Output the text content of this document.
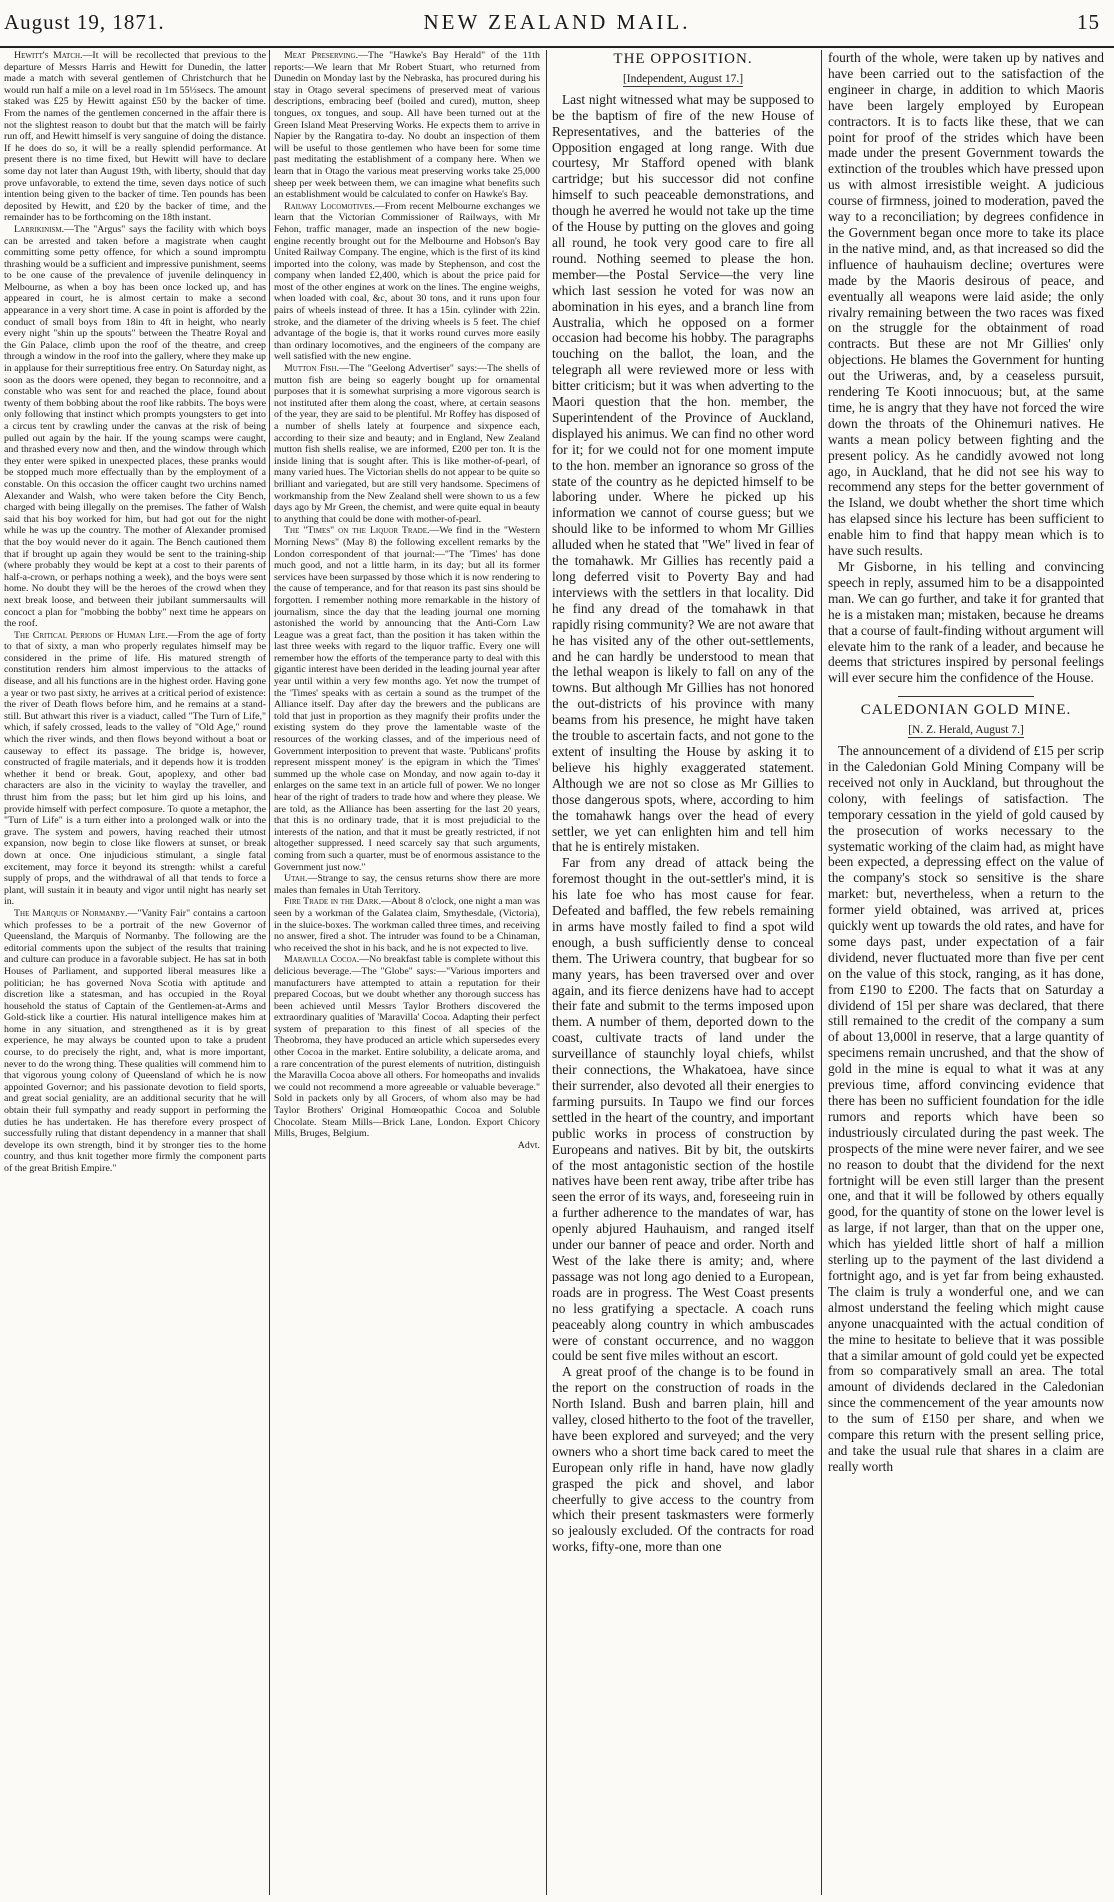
August 19, 1871.	NEW ZEALAND MAIL.	15

Hewitt's Match.—It will be recollected that previous to the departure of Messrs Harris and Hewitt for Dunedin, the latter made a match with several gentlemen of Christchurch that he would run half a mile on a level road in 1m 55⅓secs. The amount staked was £25 by Hewitt against £50 by the backer of time. From the names of the gentlemen concerned in the affair there is not the slightest reason to doubt but that the match will be fairly run off, and Hewitt himself is very sanguine of doing the distance. If he does do so, it will be a really splendid performance. At present there is no time fixed, but Hewitt will have to declare some day not later than August 19th, with liberty, should that day prove unfavorable, to extend the time, seven days notice of such intention being given to the backer of time. Ten pounds has been deposited by Hewitt, and £20 by the backer of time, and the remainder has to be forthcoming on the 18th instant.

Larrikinism.—The "Argus" says the facility with which boys can be arrested and taken before a magistrate when caught committing some petty offence, for which a sound impromptu thrashing would be a sufficient and impressive punishment, seems to be one cause of the prevalence of juvenile delinquency in Melbourne, as when a boy has been once locked up, and has appeared in court, he is almost certain to make a second appearance in a very short time. A case in point is afforded by the conduct of small boys from 18in to 4ft in height, who nearly every night "shin up the spouts" between the Theatre Royal and the Gin Palace, climb upon the roof of the theatre, and creep through a window in the roof into the gallery, where they make up in applause for their surreptitious free entry. On Saturday night, as soon as the doors were opened, they began to reconnoitre, and a constable who was sent for and reached the place, found about twenty of them bobbing about the roof like rabbits. The boys were only following that instinct which prompts youngsters to get into a circus tent by crawling under the canvas at the risk of being pulled out again by the hair. If the young scamps were caught, and thrashed every now and then, and the window through which they enter were spiked in unexpected places, these pranks would be stopped much more effectually than by the employment of a constable. On this occasion the officer caught two urchins named Alexander and Walsh, who were taken before the City Bench, charged with being illegally on the premises. The father of Walsh said that his boy worked for him, but had got out for the night while he was up the country. The mother of Alexander promised that the boy would never do it again. The Bench cautioned them that if brought up again they would be sent to the training-ship (where probably they would be kept at a cost to their parents of half-a-crown, or perhaps nothing a week), and the boys were sent home. No doubt they will be the heroes of the crowd when they next break loose, and between their jubilant summersaults will concoct a plan for "mobbing the bobby" next time he appears on the roof.

The Critical Periods of Human Life.—From the age of forty to that of sixty, a man who properly regulates himself may be considered in the prime of life. His matured strength of constitution renders him almost impervious to the attacks of disease, and all his functions are in the highest order. Having gone a year or two past sixty, he arrives at a critical period of existence: the river of Death flows before him, and he remains at a stand-still. But athwart this river is a viaduct, called "The Turn of Life," which, if safely crossed, leads to the valley of "Old Age," round which the river winds, and then flows beyond without a boat or causeway to effect its passage. The bridge is, however, constructed of fragile materials, and it depends how it is trodden whether it bend or break. Gout, apoplexy, and other bad characters are also in the vicinity to waylay the traveller, and thrust him from the pass; but let him gird up his loins, and provide himself with perfect composure. To quote a metaphor, the "Turn of Life" is a turn either into a prolonged walk or into the grave. The system and powers, having reached their utmost expansion, now begin to close like flowers at sunset, or break down at once. One injudicious stimulant, a single fatal excitement, may force it beyond its strength: whilst a careful supply of props, and the withdrawal of all that tends to force a plant, will sustain it in beauty and vigor until night has nearly set in.

The Marquis of Normanby.—"Vanity Fair" contains a cartoon which professes to be a portrait of the new Governor of Queensland, the Marquis of Normanby. The following are the editorial comments upon the subject of the results that training and culture can produce in a favorable subject. He has sat in both Houses of Parliament, and supported liberal measures like a politician; he has governed Nova Scotia with aptitude and discretion like a statesman, and has occupied in the Royal household the status of Captain of the Gentlemen-at-Arms and Gold-stick like a courtier. His natural intelligence makes him at home in any situation, and strengthened as it is by great experience, he may always be counted upon to take a prudent course, to do precisely the right, and, what is more important, never to do the wrong thing. These qualities will commend him to that vigorous young colony of Queensland of which he is now appointed Governor; and his passionate devotion to field sports, and great social geniality, are an additional security that he will obtain their full sympathy and ready support in performing the duties he has undertaken. He has therefore every prospect of successfully ruling that distant dependency in a manner that shall develope its own strength, bind it by stronger ties to the home country, and thus knit together more firmly the component parts of the great British Empire."

Meat Preserving.—The "Hawke's Bay Herald" of the 11th reports:—We learn that Mr Robert Stuart, who returned from Dunedin on Monday last by the Nebraska, has procured during his stay in Otago several specimens of preserved meat of various descriptions, embracing beef (boiled and cured), mutton, sheep tongues, ox tongues, and soup. All have been turned out at the Green Island Meat Preserving Works. He expects them to arrive in Napier by the Rangatira to-day. No doubt an inspection of them will be useful to those gentlemen who have been for some time past meditating the establishment of a company here. When we learn that in Otago the various meat preserving works take 25,000 sheep per week between them, we can imagine what benefits such an establishment would be calculated to confer on Hawke's Bay.

Railway Locomotives.—From recent Melbourne exchanges we learn that the Victorian Commissioner of Railways, with Mr Fehon, traffic manager, made an inspection of the new bogie-engine recently brought out for the Melbourne and Hobson's Bay United Railway Company. The engine, which is the first of its kind imported into the colony, was made by Stephenson, and cost the company when landed £2,400, which is about the price paid for most of the other engines at work on the lines. The engine weighs, when loaded with coal, &c, about 30 tons, and it runs upon four pairs of wheels instead of three. It has a 15in. cylinder with 22in. stroke, and the diameter of the driving wheels is 5 feet. The chief advantage of the bogie is, that it works round curves more easily than ordinary locomotives, and the engineers of the company are well satisfied with the new engine.

Mutton Fish.—The "Geelong Advertiser" says:—The shells of mutton fish are being so eagerly bought up for ornamental purposes that it is somewhat surprising a more vigorous search is not instituted after them along the coast, where, at certain seasons of the year, they are said to be plentiful. Mr Roffey has disposed of a number of shells lately at fourpence and sixpence each, according to their size and beauty; and in England, New Zealand mutton fish shells realise, we are informed, £200 per ton. It is the inside lining that is sought after. This is like mother-of-pearl, of many varied hues. The Victorian shells do not appear to be quite so brilliant and variegated, but are still very handsome. Specimens of workmanship from the New Zealand shell were shown to us a few days ago by Mr Green, the chemist, and were quite equal in beauty to anything that could be done with mother-of-pearl.

The "Times" on the Liquor Trade.—We find in the "Western Morning News" (May 8) the following excellent remarks by the London correspondent of that journal:—"The 'Times' has done much good, and not a little harm, in its day; but all its former services have been surpassed by those which it is now rendering to the cause of temperance, and for that reason its past sins should be forgotten. I remember nothing more remarkable in the history of journalism, since the day that the leading journal one morning astonished the world by announcing that the Anti-Corn Law League was a great fact, than the position it has taken within the last three weeks with regard to the liquor traffic. Every one will remember how the efforts of the temperance party to deal with this gigantic interest have been derided in the leading journal year after year until within a very few months ago. Yet now the trumpet of the 'Times' speaks with as certain a sound as the trumpet of the Alliance itself. Day after day the brewers and the publicans are told that just in proportion as they magnify their profits under the existing system do they prove the lamentable waste of the resources of the working classes, and of the imperious need of Government interposition to prevent that waste. 'Publicans' profits represent misspent money' is the epigram in which the 'Times' summed up the whole case on Monday, and now again to-day it enlarges on the same text in an article full of power. We no longer hear of the right of traders to trade how and where they please. We are told, as the Alliance has been asserting for the last 20 years, that this is no ordinary trade, that it is most prejudicial to the interests of the nation, and that it must be greatly restricted, if not altogether suppressed. I need scarcely say that such arguments, coming from such a quarter, must be of enormous assistance to the Government just now."

Utah.—Strange to say, the census returns show there are more males than females in Utah Territory.

Fire Trade in the Dark.—About 8 o'clock, one night a man was seen by a workman of the Galatea claim, Smythesdale, (Victoria), in the sluice-boxes. The workman called three times, and receiving no answer, fired a shot. The intruder was found to be a Chinaman, who received the shot in his back, and he is not expected to live.

Maravilla Cocoa.—No breakfast table is complete without this delicious beverage.—The "Globe" says:—"Various importers and manufacturers have attempted to attain a reputation for their prepared Cocoas, but we doubt whether any thorough success has been achieved until Messrs Taylor Brothers discovered the extraordinary qualities of 'Maravilla' Cocoa. Adapting their perfect system of preparation to this finest of all species of the Theobroma, they have produced an article which supersedes every other Cocoa in the market. Entire solubility, a delicate aroma, and a rare concentration of the purest elements of nutrition, distinguish the Maravilla Cocoa above all others. For homeopaths and invalids we could not recommend a more agreeable or valuable beverage." Sold in packets only by all Grocers, of whom also may be had Taylor Brothers' Original Homœopathic Cocoa and Soluble Chocolate. Steam Mills—Brick Lane, London. Export Chicory Mills, Bruges, Belgium.

Advt.

THE OPPOSITION.
[Independent, August 17.]

Last night witnessed what may be supposed to be the baptism of fire of the new House of Representatives, and the batteries of the Opposition engaged at long range. With due courtesy, Mr Stafford opened with blank cartridge; but his successor did not confine himself to such peaceable demonstrations, and though he averred he would not take up the time of the House by putting on the gloves and going all round, he took very good care to fire all round. Nothing seemed to please the hon. member—the Postal Service—the very line which last session he voted for was now an abomination in his eyes, and a branch line from Australia, which he opposed on a former occasion had become his hobby. The paragraphs touching on the ballot, the loan, and the telegraph all were reviewed more or less with bitter criticism; but it was when adverting to the Maori question that the hon. member, the Superintendent of the Province of Auckland, displayed his animus. We can find no other word for it; for we could not for one moment impute to the hon. member an ignorance so gross of the state of the country as he depicted himself to be laboring under. Where he picked up his information we cannot of course guess; but we should like to be informed to whom Mr Gillies alluded when he stated that "We" lived in fear of the tomahawk. Mr Gillies has recently paid a long deferred visit to Poverty Bay and had interviews with the settlers in that locality. Did he find any dread of the tomahawk in that rapidly rising community? We are not aware that he has visited any of the other out-settlements, and he can hardly be understood to mean that the lethal weapon is likely to fall on any of the towns. But although Mr Gillies has not honored the out-districts of his province with many beams from his presence, he might have taken the trouble to ascertain facts, and not gone to the extent of insulting the House by asking it to believe his highly exaggerated statement. Although we are not so close as Mr Gillies to those dangerous spots, where, according to him the tomahawk hangs over the head of every settler, we yet can enlighten him and tell him that he is entirely mistaken.

Far from any dread of attack being the foremost thought in the out-settler's mind, it is his late foe who has most cause for fear. Defeated and baffled, the few rebels remaining in arms have mostly failed to find a spot wild enough, a bush sufficiently dense to conceal them. The Uriwera country, that bugbear for so many years, has been traversed over and over again, and its fierce denizens have had to accept their fate and submit to the terms imposed upon them. A number of them, deported down to the coast, cultivate tracts of land under the surveillance of staunchly loyal chiefs, whilst their connections, the Whakatoea, have since their surrender, also devoted all their energies to farming pursuits. In Taupo we find our forces settled in the heart of the country, and important public works in process of construction by Europeans and natives. Bit by bit, the outskirts of the most antagonistic section of the hostile natives have been rent away, tribe after tribe has seen the error of its ways, and, foreseeing ruin in a further adherence to the mandates of war, has openly abjured Hauhauism, and ranged itself under our banner of peace and order. North and West of the lake there is amity; and, where passage was not long ago denied to a European, roads are in progress. The West Coast presents no less gratifying a spectacle. A coach runs peaceably along country in which ambuscades were of constant occurrence, and no waggon could be sent five miles without an escort.

A great proof of the change is to be found in the report on the construction of roads in the North Island. Bush and barren plain, hill and valley, closed hitherto to the foot of the traveller, have been explored and surveyed; and the very owners who a short time back cared to meet the European only rifle in hand, have now gladly grasped the pick and shovel, and labor cheerfully to give access to the country from which their present taskmasters were formerly so jealously excluded. Of the contracts for road works, fifty-one, more than one

fourth of the whole, were taken up by natives and have been carried out to the satisfaction of the engineer in charge, in addition to which Maoris have been largely employed by European contractors. It is to facts like these, that we can point for proof of the strides which have been made under the present Government towards the extinction of the troubles which have pressed upon us with almost irresistible weight. A judicious course of firmness, joined to moderation, paved the way to a reconciliation; by degrees confidence in the Government began once more to take its place in the native mind, and, as that increased so did the influence of hauhauism decline; overtures were made by the Maoris desirous of peace, and eventually all weapons were laid aside; the only rivalry remaining between the two races was fixed on the struggle for the obtainment of road contracts. But these are not Mr Gillies' only objections. He blames the Government for hunting out the Uriweras, and, by a ceaseless pursuit, rendering Te Kooti innocuous; but, at the same time, he is angry that they have not forced the wire down the throats of the Ohinemuri natives. He wants a mean policy between fighting and the present policy. As he candidly avowed not long ago, in Auckland, that he did not see his way to recommend any steps for the better government of the Island, we doubt whether the short time which has elapsed since his lecture has been sufficient to enable him to find that happy mean which is to have such results.

Mr Gisborne, in his telling and convincing speech in reply, assumed him to be a disappointed man. We can go further, and take it for granted that he is a mistaken man; mistaken, because he dreams that a course of fault-finding without argument will elevate him to the rank of a leader, and because he deems that strictures inspired by personal feelings will ever secure him the confidence of the House.

CALEDONIAN GOLD MINE.
[N. Z. Herald, August 7.]

The announcement of a dividend of £15 per scrip in the Caledonian Gold Mining Company will be received not only in Auckland, but throughout the colony, with feelings of satisfaction. The temporary cessation in the yield of gold caused by the prosecution of works necessary to the systematic working of the claim had, as might have been expected, a depressing effect on the value of the company's stock so sensitive is the share market: but, nevertheless, when a return to the former yield obtained, was arrived at, prices quickly went up towards the old rates, and have for some days past, under expectation of a fair dividend, never fluctuated more than five per cent on the value of this stock, ranging, as it has done, from £190 to £200. The facts that on Saturday a dividend of 15l per share was declared, that there still remained to the credit of the company a sum of about 13,000l in reserve, that a large quantity of specimens remain uncrushed, and that the show of gold in the mine is equal to what it was at any previous time, afford convincing evidence that there has been no sufficient foundation for the idle rumors and reports which have been so industriously circulated during the past week. The prospects of the mine were never fairer, and we see no reason to doubt that the dividend for the next fortnight will be even still larger than the present one, and that it will be followed by others equally good, for the quantity of stone on the lower level is as large, if not larger, than that on the upper one, which has yielded little short of half a million sterling up to the payment of the last dividend a fortnight ago, and is yet far from being exhausted. The claim is truly a wonderful one, and we can almost understand the feeling which might cause anyone unacquainted with the actual condition of the mine to hesitate to believe that it was possible that a similar amount of gold could yet be expected from so comparatively small an area. The total amount of dividends declared in the Caledonian since the commencement of the year amounts now to the sum of £150 per share, and when we compare this return with the present selling price, and take the usual rule that shares in a claim are really worth
